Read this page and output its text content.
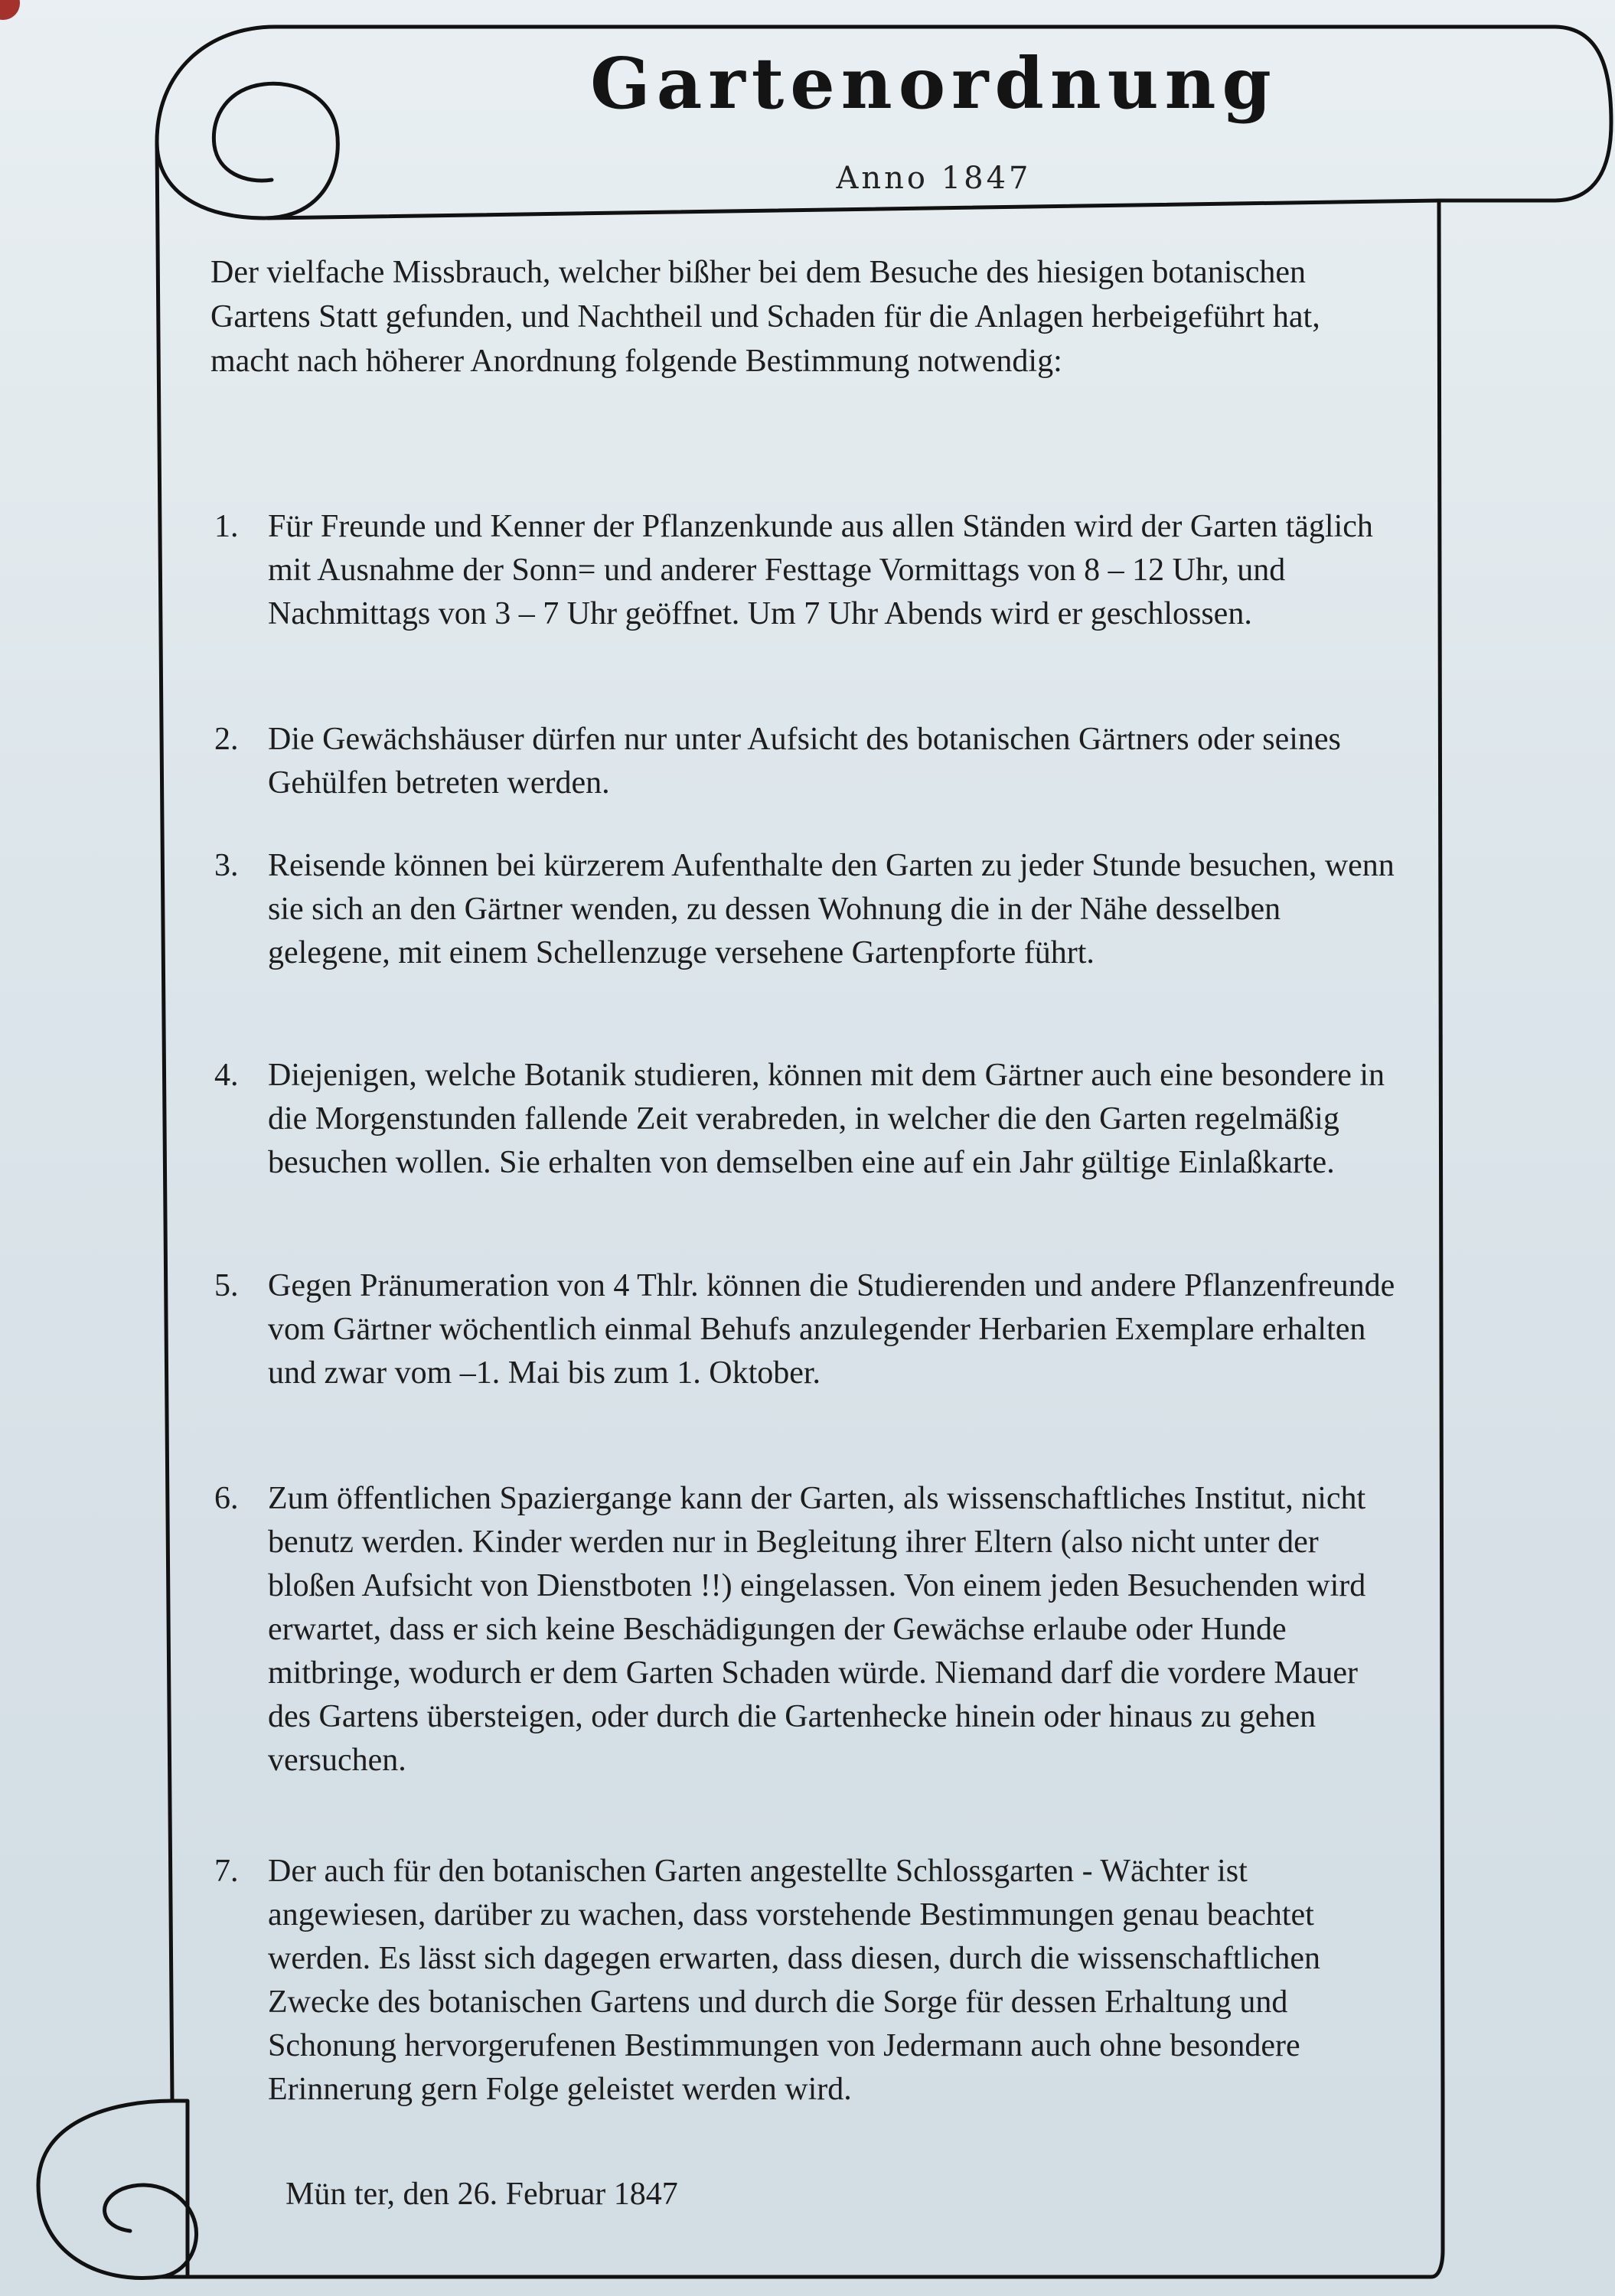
Gartenordnung
Anno 1847
Der vielfache Missbrauch, welcher bißher bei dem Besuche des hiesigen botanischen Gartens Statt gefunden, und Nachtheil und Schaden für die Anlagen herbeigeführt hat, macht nach höherer Anordnung folgende Bestimmung notwendig:
1. Für Freunde und Kenner der Pflanzenkunde aus allen Ständen wird der Garten täglich mit Ausnahme der Sonn= und anderer Festtage Vormittags von 8 – 12 Uhr, und Nachmittags von 3 – 7 Uhr geöffnet. Um 7 Uhr Abends wird er geschlossen.
2. Die Gewächshäuser dürfen nur unter Aufsicht des botanischen Gärtners oder seines Gehülfen betreten werden.
3. Reisende können bei kürzerem Aufenthalte den Garten zu jeder Stunde besuchen, wenn sie sich an den Gärtner wenden, zu dessen Wohnung die in der Nähe desselben gelegene, mit einem Schellenzuge versehene Gartenpforte führt.
4. Diejenigen, welche Botanik studieren, können mit dem Gärtner auch eine besondere in die Morgenstunden fallende Zeit verabreden, in welcher die den Garten regelmäßig besuchen wollen. Sie erhalten von demselben eine auf ein Jahr gültige Einlaßkarte.
5. Gegen Pränumeration von 4 Thlr. können die Studierenden und andere Pflanzenfreunde vom Gärtner wöchentlich einmal Behufs anzulegender Herbarien Exemplare erhalten und zwar vom –1. Mai bis zum 1. Oktober.
6. Zum öffentlichen Spaziergange kann der Garten, als wissenschaftliches Institut, nicht benutz werden. Kinder werden nur in Begleitung ihrer Eltern (also nicht unter der bloßen Aufsicht von Dienstboten !!) eingelassen. Von einem jeden Besuchenden wird erwartet, dass er sich keine Beschädigungen der Gewächse erlaube oder Hunde mitbringe, wodurch er dem Garten Schaden würde. Niemand darf die vordere Mauer des Gartens übersteigen, oder durch die Gartenhecke hinein oder hinaus zu gehen versuchen.
7. Der auch für den botanischen Garten angestellte Schlossgarten - Wächter ist angewiesen, darüber zu wachen, dass vorstehende Bestimmungen genau beachtet werden. Es lässt sich dagegen erwarten, dass diesen, durch die wissenschaftlichen Zwecke des botanischen Gartens und durch die Sorge für dessen Erhaltung und Schonung hervorgerufenen Bestimmungen von Jedermann auch ohne besondere Erinnerung gern Folge geleistet werden wird.
Mün ter, den 26. Februar 1847
